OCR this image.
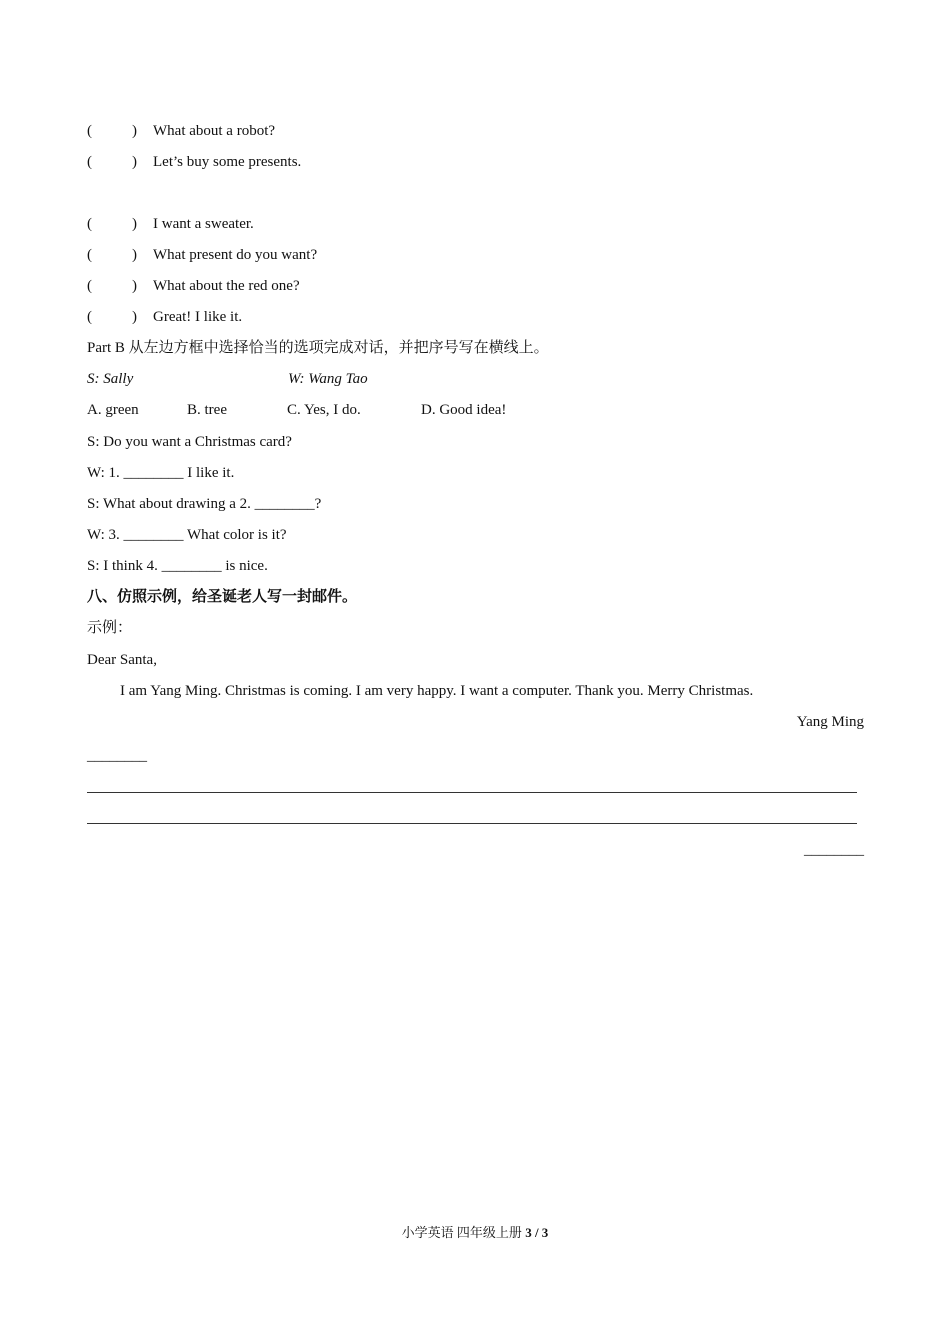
(	) What about a robot?
(	) Let’s buy some presents.
(	) I want a sweater.
(	) What present do you want?
(	) What about the red one?
(	) Great! I like it.
Part B 从左边方框中选择恰当的选项完成对话，并把序号写在横线上。
S: Sally	W: Wang Tao
A. green	B. tree	C. Yes, I do.	D. Good idea!
S: Do you want a Christmas card?
W: 1. ________ I like it.
S: What about drawing a 2. ________?
W: 3. ________ What color is it?
S: I think 4. ________ is nice.
八、仿照示例，给圣诞老人写一封邮件。
示例：
Dear Santa,
I am Yang Ming. Christmas is coming. I am very happy. I want a computer. Thank you. Merry Christmas.
Yang Ming
________
________
小学英语 四年级上册 3 / 3
